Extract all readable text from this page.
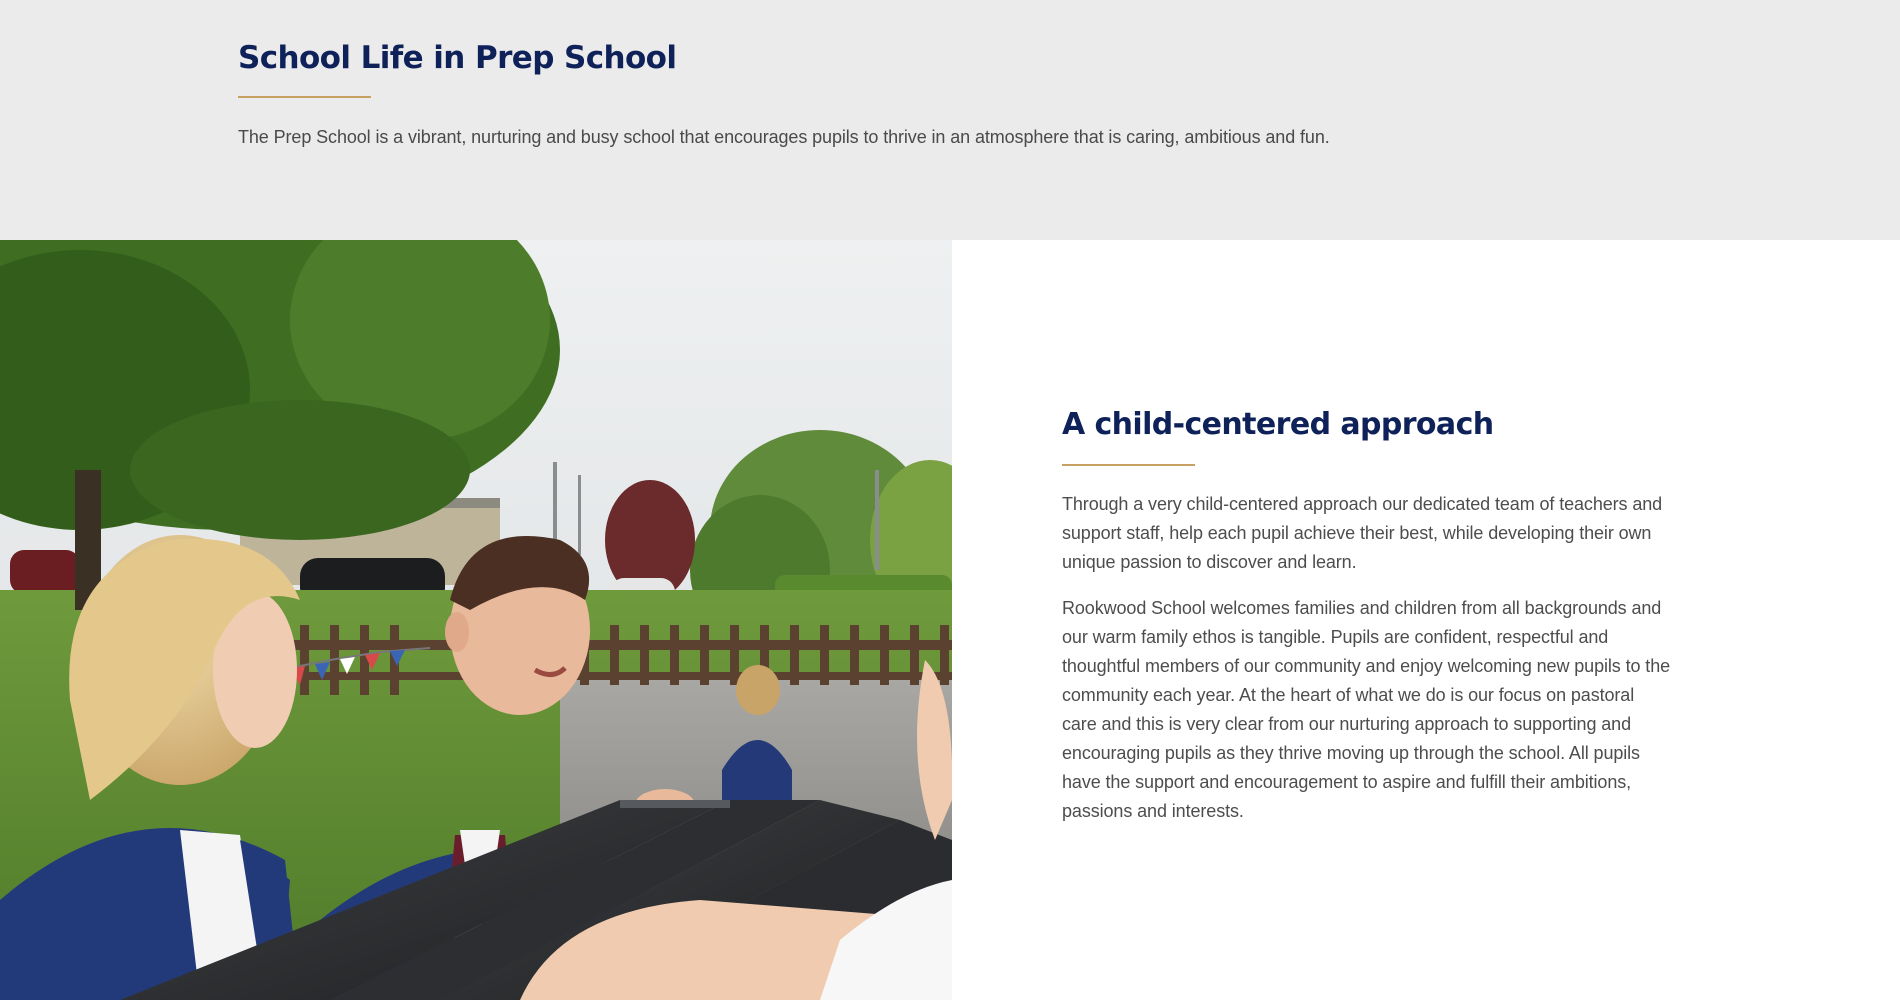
School Life in Prep School

The Prep School is a vibrant, nurturing and busy school that encourages pupils to thrive in an atmosphere that is caring, ambitious and fun.

A child-centered approach

Through a very child-centered approach our dedicated team of teachers and support staff, help each pupil achieve their best, while developing their own unique passion to discover and learn.

Rookwood School welcomes families and children from all backgrounds and our warm family ethos is tangible. Pupils are confident, respectful and thoughtful members of our community and enjoy welcoming new pupils to the community each year. At the heart of what we do is our focus on pastoral care and this is very clear from our nurturing approach to supporting and encouraging pupils as they thrive moving up through the school. All pupils have the support and encouragement to aspire and fulfill their ambitions, passions and interests.
